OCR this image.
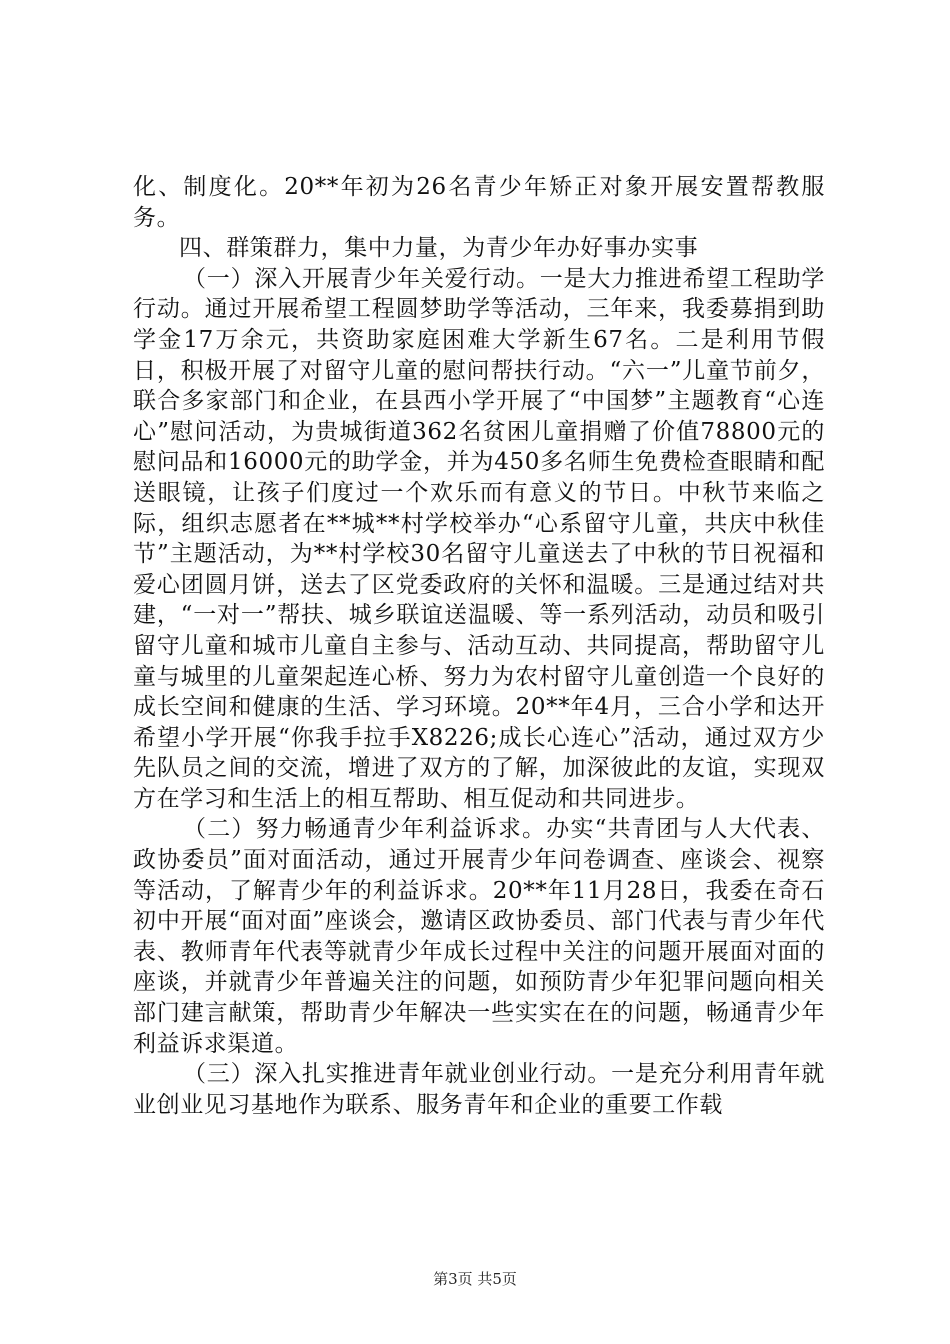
化、制度化。20**年初为26名青少年矫正对象开展安置帮教服务。

四、群策群力，集中力量，为青少年办好事办实事

（一）深入开展青少年关爱行动。一是大力推进希望工程助学行动。通过开展希望工程圆梦助学等活动，三年来，我委募捐到助学金17万余元，共资助家庭困难大学新生67名。二是利用节假日，积极开展了对留守儿童的慰问帮扶行动。“六一”儿童节前夕，联合多家部门和企业，在县西小学开展了“中国梦”主题教育“心连心”慰问活动，为贵城街道362名贫困儿童捐赠了价值78800元的慰问品和16000元的助学金，并为450多名师生免费检查眼睛和配送眼镜，让孩子们度过一个欢乐而有意义的节日。中秋节来临之际，组织志愿者在**城**村学校举办“心系留守儿童，共庆中秋佳节”主题活动，为**村学校30名留守儿童送去了中秋的节日祝福和爱心团圆月饼，送去了区党委政府的关怀和温暖。三是通过结对共建，“一对一”帮扶、城乡联谊送温暖、等一系列活动，动员和吸引留守儿童和城市儿童自主参与、活动互动、共同提高，帮助留守儿童与城里的儿童架起连心桥、努力为农村留守儿童创造一个良好的成长空间和健康的生活、学习环境。20**年4月，三合小学和达开希望小学开展“你我手拉手X8226;成长心连心”活动，通过双方少先队员之间的交流，增进了双方的了解，加深彼此的友谊，实现双方在学习和生活上的相互帮助、相互促动和共同进步。

（二）努力畅通青少年利益诉求。办实“共青团与人大代表、政协委员”面对面活动，通过开展青少年问卷调查、座谈会、视察等活动，了解青少年的利益诉求。20**年11月28日，我委在奇石初中开展“面对面”座谈会，邀请区政协委员、部门代表与青少年代表、教师青年代表等就青少年成长过程中关注的问题开展面对面的座谈，并就青少年普遍关注的问题，如预防青少年犯罪问题向相关部门建言献策，帮助青少年解决一些实实在在的问题，畅通青少年利益诉求渠道。

（三）深入扎实推进青年就业创业行动。一是充分利用青年就业创业见习基地作为联系、服务青年和企业的重要工作载

第3页 共5页
